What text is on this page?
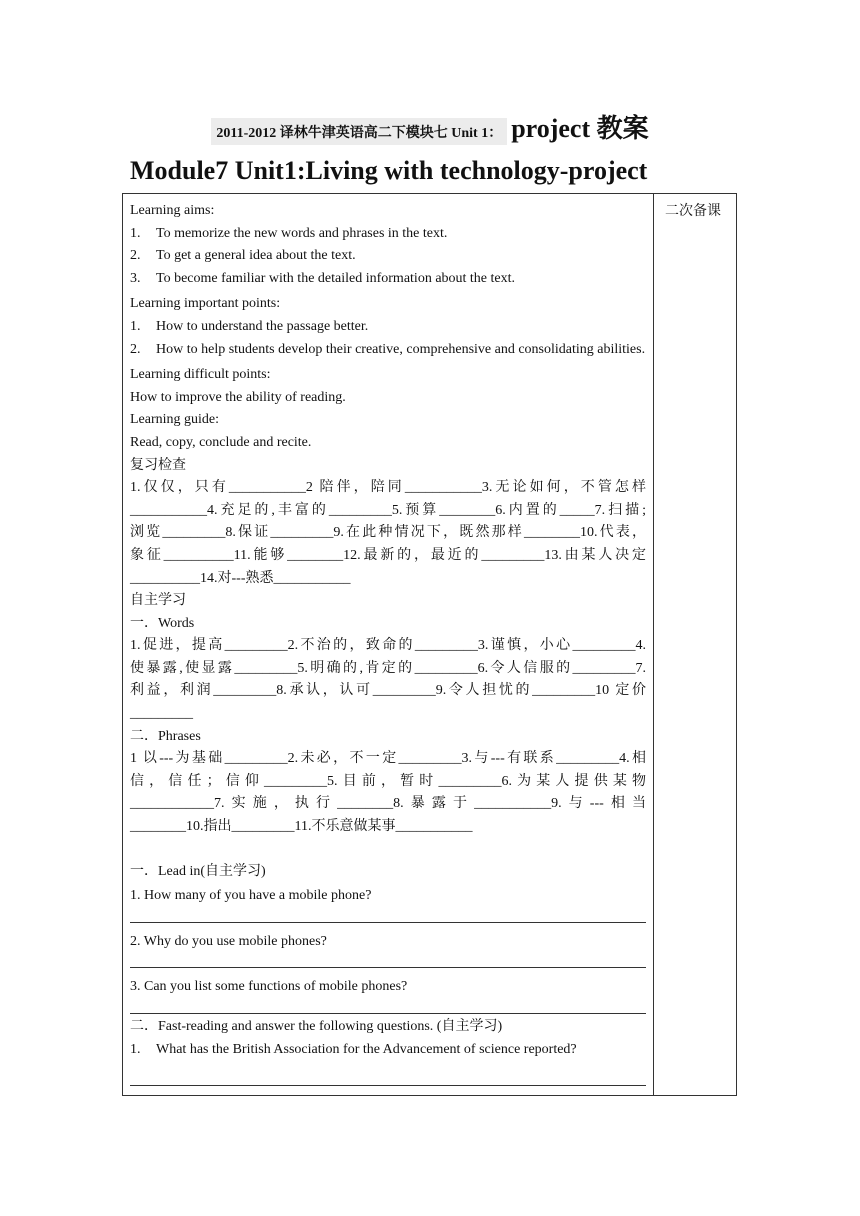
2011-2012 译林牛津英语高二下模块七 Unit 1： project 教案
Module7 Unit1:Living with technology-project
二次备课

Learning aims:

1.	To memorize the new words and phrases in the text.
2.	To get a general idea about the text.
3.	To become familiar with the detailed information about the text.

Learning important points:

1.	How to understand the passage better.
2.	How to help students develop their creative, comprehensive and consolidating abilities.

Learning difficult points:

How to improve the ability of reading.

Learning guide:

Read, copy, conclude and recite.

复习检查

1.仅仅，只有___________2 陪伴，陪同___________3.无论如何，不管怎样

___________4.充足的,丰富的_________5.预算________6.内置的_____7.扫描;

浏览_________8.保证_________9.在此种情况下，既然那样________10.代表，

象征__________11.能够________12.最新的，最近的_________13.由某人决定

__________14.对---熟悉___________

自主学习

一．Words

1.促进，提高_________2.不治的，致命的_________3.谨慎，小心_________4.

使暴露,使显露_________5.明确的,肯定的_________6.令人信服的_________7.

利益，利润_________8.承认，认可_________9.令人担忧的_________10 定价

_________

二．Phrases

1 以---为基础_________2.未必，不一定_________3.与---有联系_________4.相

信，信任；信仰_________5.目前，暂时_________6.为某人提供某物

____________7.实施，执行________8.暴露于___________9.与---相当

________10.指出_________11.不乐意做某事___________

一．Lead in(自主学习)

1. How many of you have a mobile phone?

2. Why do you use mobile phones?

3. Can you list some functions of mobile phones?

二．Fast-reading and answer the following questions. (自主学习)

1.	What has the British Association for the Advancement of science reported?
